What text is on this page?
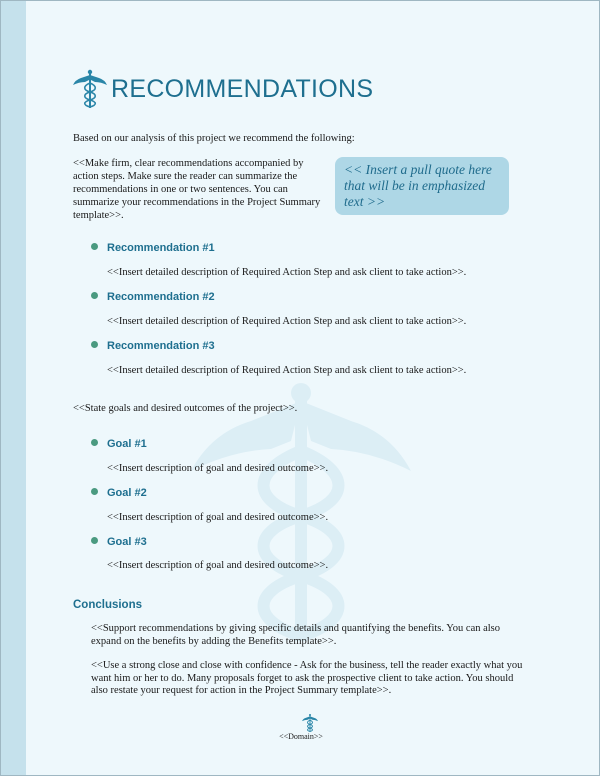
RECOMMENDATIONS
Based on our analysis of this project we recommend the following:
<<Make firm, clear recommendations accompanied by action steps. Make sure the reader can summarize the recommendations in one or two sentences. You can summarize your recommendations in the Project Summary template>>.
<< Insert a pull quote here that will be in emphasized text >>
Recommendation #1
<<Insert detailed description of Required Action Step and ask client to take action>>.
Recommendation #2
<<Insert detailed description of Required Action Step and ask client to take action>>.
Recommendation #3
<<Insert detailed description of Required Action Step and ask client to take action>>.
<<State goals and desired outcomes of the project>>.
Goal #1
<<Insert description of goal and desired outcome>>.
Goal #2
<<Insert description of goal and desired outcome>>.
Goal #3
<<Insert description of goal and desired outcome>>.
Conclusions
<<Support recommendations by giving specific details and quantifying the benefits. You can also expand on the benefits by adding the Benefits template>>.
<<Use a strong close and close with confidence - Ask for the business, tell the reader exactly what you want him or her to do. Many proposals forget to ask the prospective client to take action. You should also restate your request for action in the Project Summary template>>.
<<Domain>>
